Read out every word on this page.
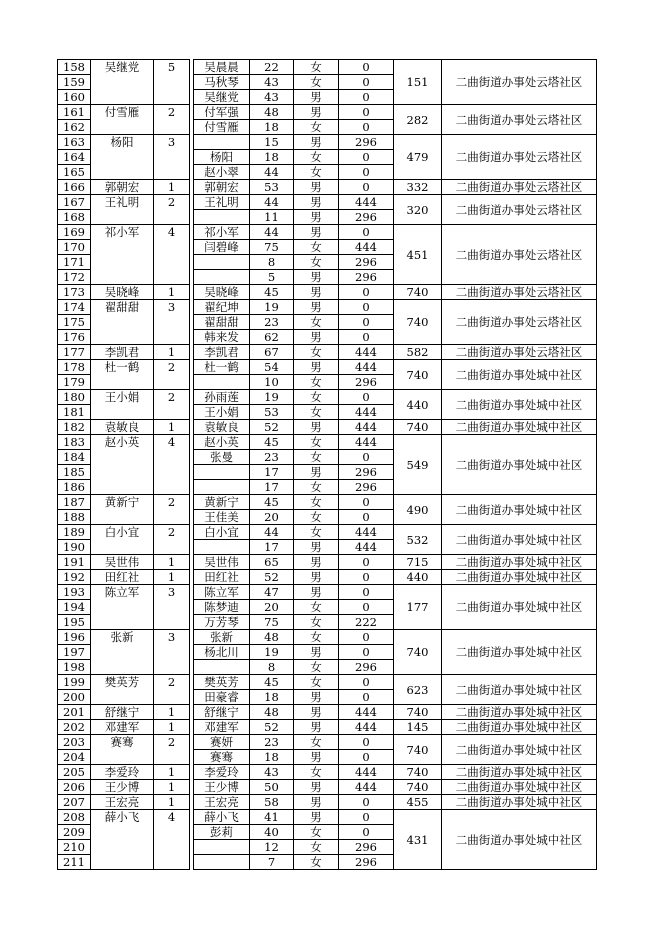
158	吴继党	5		吴晨晨	22	女	0	151	二曲街道办事处云塔社区
159				马秋琴	43	女	0		
160				吴继党	43	男	0		
161	付雪雁	2		付军强	48	男	0	282	二曲街道办事处云塔社区
162				付雪雁	18	女	0		
163	杨阳	3			15	男	296	479	二曲街道办事处云塔社区
164				杨阳	18	女	0		
165				赵小翠	44	女	0		
166	郭朝宏	1		郭朝宏	53	男	0	332	二曲街道办事处云塔社区
167	王礼明	2		王礼明	44	男	444	320	二曲街道办事处云塔社区
168					11	男	296		
169	祁小军	4		祁小军	44	男	0	451	二曲街道办事处云塔社区
170				闫碧峰	75	女	444		
171					8	女	296		
172					5	男	296		
173	吴晓峰	1		吴晓峰	45	男	0	740	二曲街道办事处云塔社区
174	翟甜甜	3		翟纪坤	19	男	0	740	二曲街道办事处云塔社区
175				翟甜甜	23	女	0		
176				韩来发	62	男	0		
177	李凯君	1		李凯君	67	女	444	582	二曲街道办事处云塔社区
178	杜一鹤	2		杜一鹤	54	男	444	740	二曲街道办事处城中社区
179					10	女	296		
180	王小娟	2		孙雨莲	19	女	0	440	二曲街道办事处城中社区
181				王小娟	53	女	444		
182	袁敏良	1		袁敏良	52	男	444	740	二曲街道办事处城中社区
183	赵小英	4		赵小英	45	女	444	549	二曲街道办事处城中社区
184				张曼	23	女	0		
185					17	男	296		
186					17	女	296		
187	黄新宁	2		黄新宁	45	女	0	490	二曲街道办事处城中社区
188				王佳美	20	女	0		
189	白小宜	2		白小宜	44	女	444	532	二曲街道办事处城中社区
190					17	男	444		
191	吴世伟	1		吴世伟	65	男	0	715	二曲街道办事处城中社区
192	田红社	1		田红社	52	男	0	440	二曲街道办事处城中社区
193	陈立军	3		陈立军	47	男	0	177	二曲街道办事处城中社区
194				陈梦迪	20	女	0		
195				万芳琴	75	女	222		
196	张新	3		张新	48	女	0	740	二曲街道办事处城中社区
197				杨北川	19	男	0		
198					8	女	296		
199	樊英芳	2		樊英芳	45	女	0	623	二曲街道办事处城中社区
200				田豪睿	18	男	0		
201	舒继宁	1		舒继宁	48	男	444	740	二曲街道办事处城中社区
202	邓建军	1		邓建军	52	男	444	145	二曲街道办事处城中社区
203	赛骞	2		赛妍	23	女	0	740	二曲街道办事处城中社区
204				赛骞	18	男	0		
205	李爱玲	1		李爱玲	43	女	444	740	二曲街道办事处城中社区
206	王少博	1		王少博	50	男	444	740	二曲街道办事处城中社区
207	王宏亮	1		王宏亮	58	男	0	455	二曲街道办事处城中社区
208	薛小飞	4		薛小飞	41	男	0	431	二曲街道办事处城中社区
209				彭莉	40	女	0		
210					12	女	296		
211					7	女	296		
